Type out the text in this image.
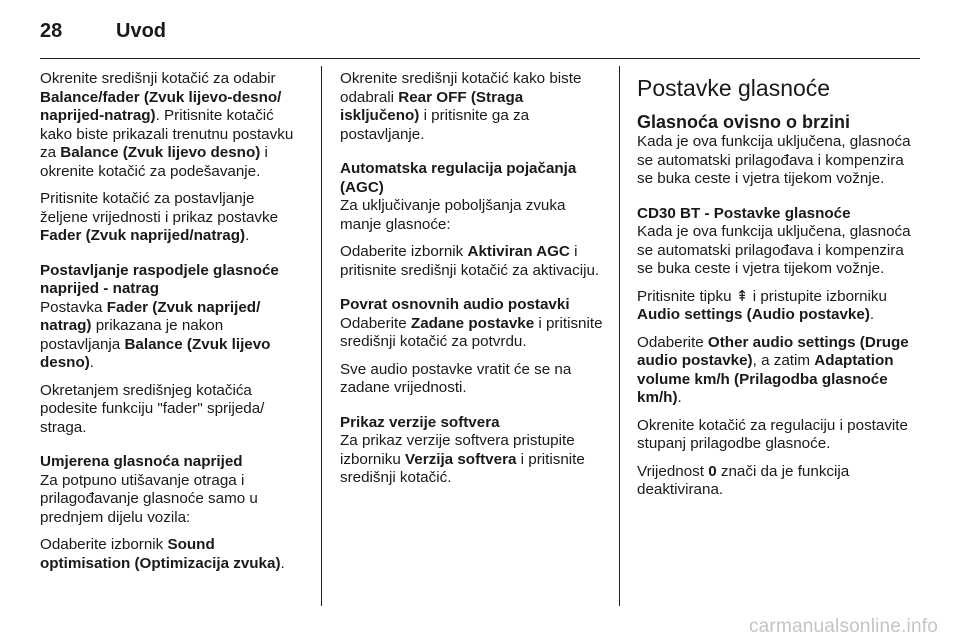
28	Uvod

Okrenite središnji kotačić za odabir Balance/fader (Zvuk lijevo-desno/ naprijed-natrag). Pritisnite kotačić kako biste prikazali trenutnu postavku za Balance (Zvuk lijevo desno) i okrenite kotačić za podešavanje.

Pritisnite kotačić za postavljanje željene vrijednosti i prikaz postavke Fader (Zvuk naprijed/natrag).

Postavljanje raspodjele glasnoće naprijed - natrag

Postavka Fader (Zvuk naprijed/ natrag) prikazana je nakon postavljanja Balance (Zvuk lijevo desno).

Okretanjem središnjeg kotačića podesite funkciju "fader" sprijeda/ straga.

Umjerena glasnoća naprijed

Za potpuno utišavanje otraga i prilagođavanje glasnoće samo u prednjem dijelu vozila:

Odaberite izbornik Sound optimisation (Optimizacija zvuka).

Okrenite središnji kotačić kako biste odabrali Rear OFF (Straga isključeno) i pritisnite ga za postavljanje.

Automatska regulacija pojačanja (AGC)

Za uključivanje poboljšanja zvuka manje glasnoće:

Odaberite izbornik Aktiviran AGC i pritisnite središnji kotačić za aktivaciju.

Povrat osnovnih audio postavki

Odaberite Zadane postavke i pritisnite središnji kotačić za potvrdu.

Sve audio postavke vratit će se na zadane vrijednosti.

Prikaz verzije softvera

Za prikaz verzije softvera pristupite izborniku Verzija softvera i pritisnite središnji kotačić.

Postavke glasnoće
Glasnoća ovisno o brzini

Kada je ova funkcija uključena, glasnoća se automatski prilagođava i kompenzira se buka ceste i vjetra tijekom vožnje.

CD30 BT - Postavke glasnoće

Kada je ova funkcija uključena, glasnoća se automatski prilagođava i kompenzira se buka ceste i vjetra tijekom vožnje.

Pritisnite tipku ⇞ i pristupite izborniku Audio settings (Audio postavke).

Odaberite Other audio settings (Druge audio postavke), a zatim Adaptation volume km/h (Prilagodba glasnoće km/h).

Okrenite kotačić za regulaciju i postavite stupanj prilagodbe glasnoće.

Vrijednost 0 znači da je funkcija deaktivirana.

carmanualsonline.info
